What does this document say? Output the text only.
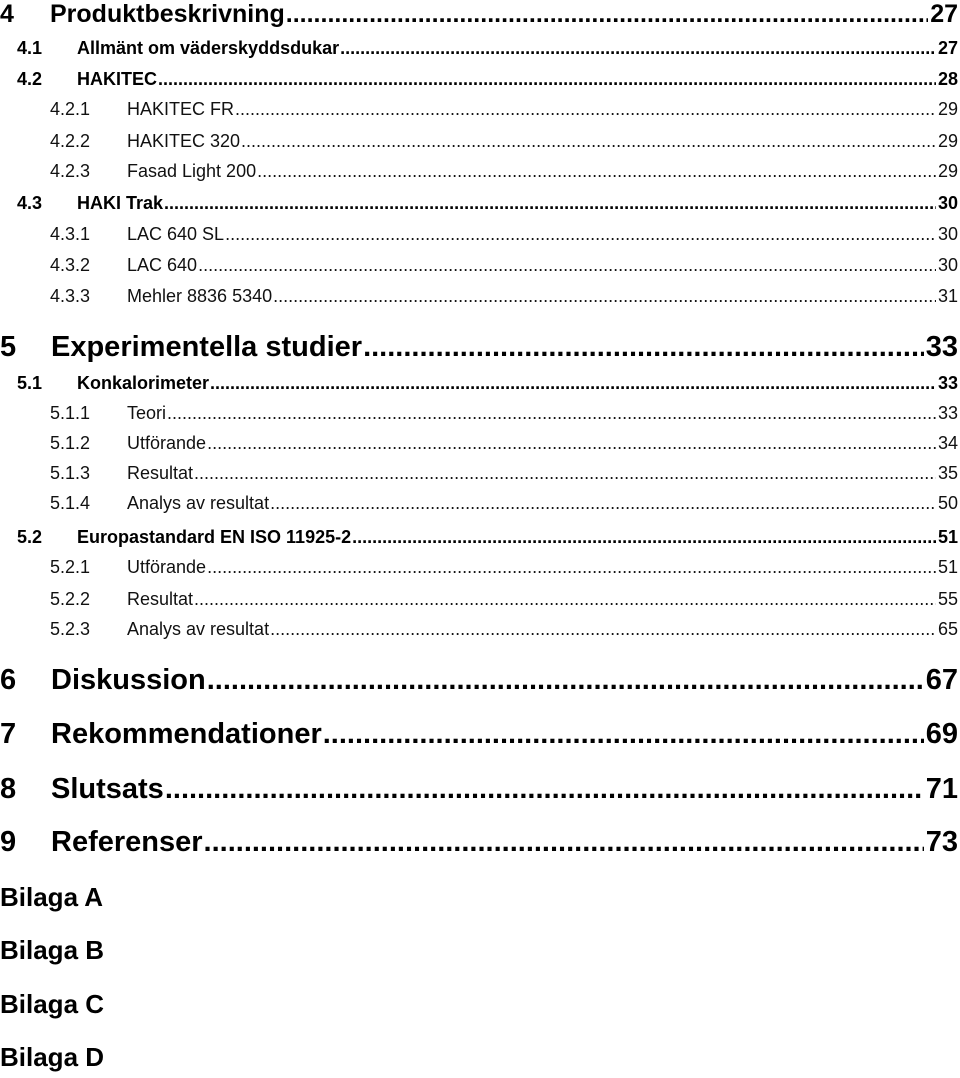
4	Produktbeskrivning .....	27
4.1	Allmänt om väderskyddsdukar .....	27
4.2	HAKITEC .....	28
4.2.1	HAKITEC FR .....	29
4.2.2	HAKITEC 320 .....	29
4.2.3	Fasad Light 200 .....	29
4.3	HAKI Trak .....	30
4.3.1	LAC 640 SL .....	30
4.3.2	LAC 640 .....	30
4.3.3	Mehler 8836 5340 .....	31
5	Experimentella studier .....	33
5.1	Konkalorimeter .....	33
5.1.1	Teori .....	33
5.1.2	Utförande .....	34
5.1.3	Resultat .....	35
5.1.4	Analys av resultat .....	50
5.2	Europastandard EN ISO 11925-2 .....	51
5.2.1	Utförande .....	51
5.2.2	Resultat .....	55
5.2.3	Analys av resultat .....	65
6	Diskussion .....	67
7	Rekommendationer .....	69
8	Slutsats .....	71
9	Referenser .....	73
Bilaga A
Bilaga B
Bilaga C
Bilaga D
